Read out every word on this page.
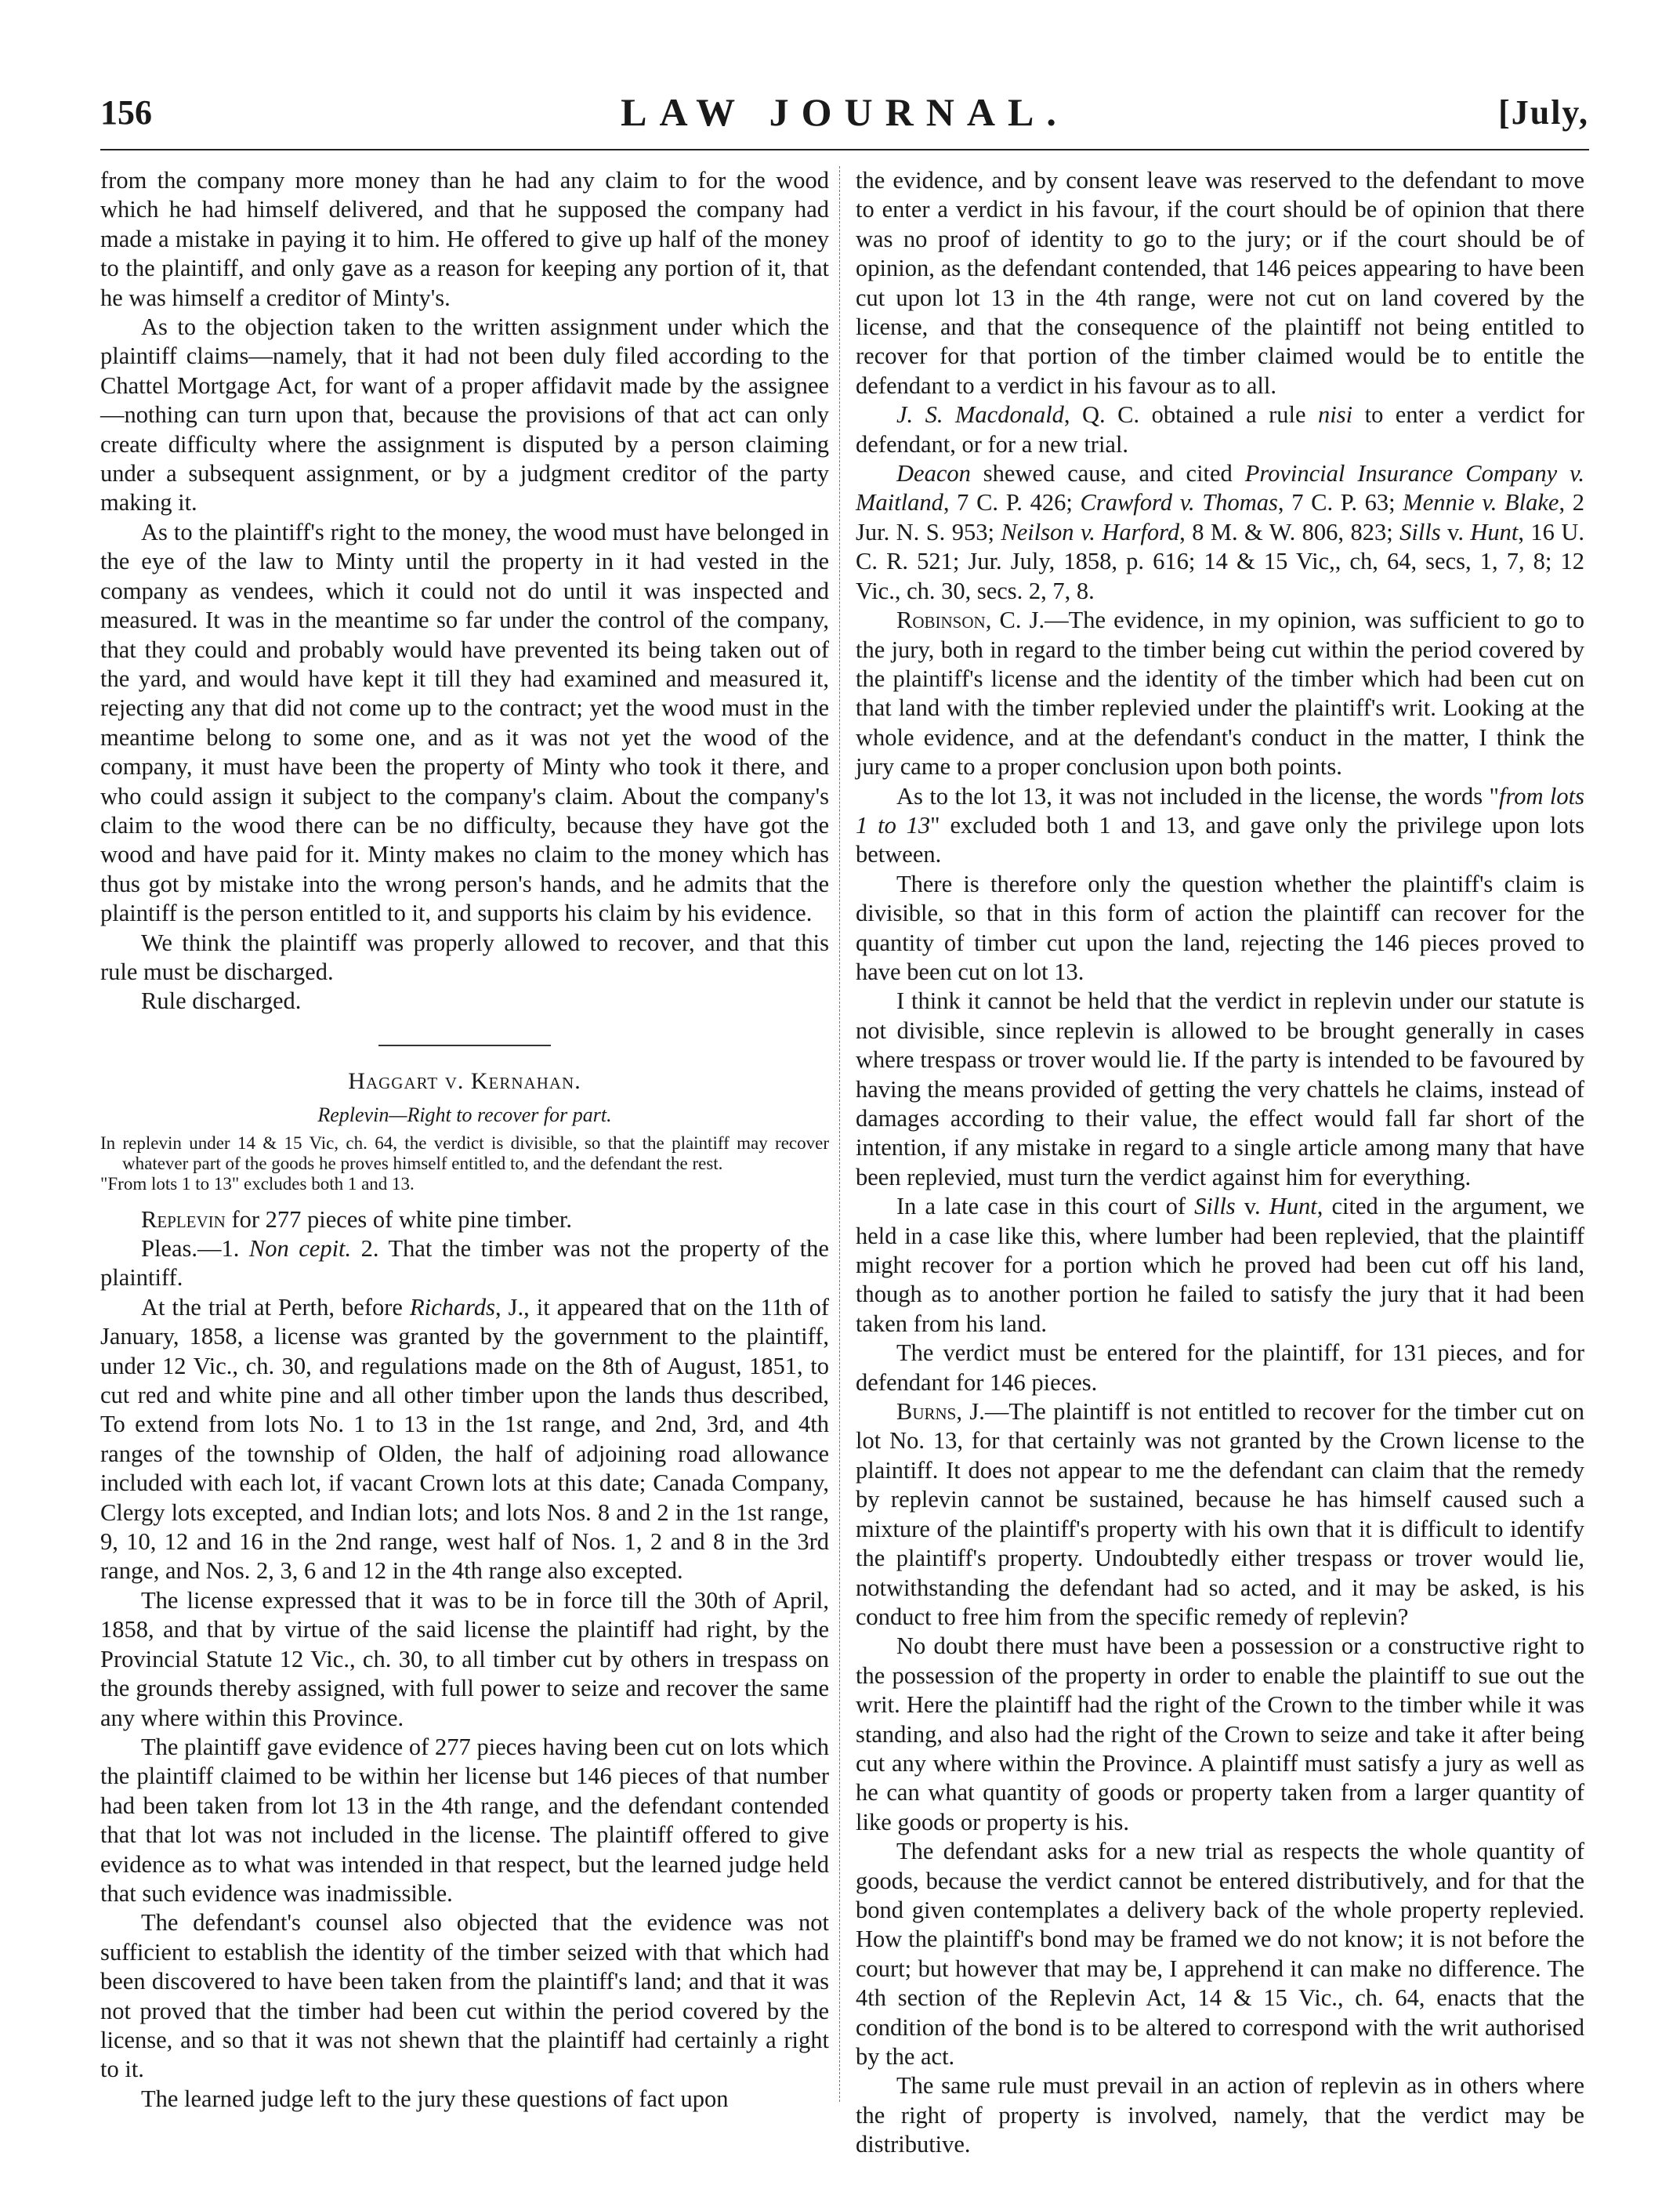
156	LAW JOURNAL.	[July,

from the company more money than he had any claim to for the wood which he had himself delivered, and that he supposed the company had made a mistake in paying it to him. He offered to give up half of the money to the plaintiff, and only gave as a reason for keeping any portion of it, that he was himself a creditor of Minty's.

As to the objection taken to the written assignment under which the plaintiff claims—namely, that it had not been duly filed according to the Chattel Mortgage Act, for want of a proper affidavit made by the assignee—nothing can turn upon that, because the provisions of that act can only create difficulty where the assignment is disputed by a person claiming under a subsequent assignment, or by a judgment creditor of the party making it.

As to the plaintiff's right to the money, the wood must have belonged in the eye of the law to Minty until the property in it had vested in the company as vendees, which it could not do until it was inspected and measured. It was in the meantime so far under the control of the company, that they could and probably would have prevented its being taken out of the yard, and would have kept it till they had examined and measured it, rejecting any that did not come up to the contract; yet the wood must in the meantime belong to some one, and as it was not yet the wood of the company, it must have been the property of Minty who took it there, and who could assign it subject to the company's claim. About the company's claim to the wood there can be no difficulty, because they have got the wood and have paid for it. Minty makes no claim to the money which has thus got by mistake into the wrong person's hands, and he admits that the plaintiff is the person entitled to it, and supports his claim by his evidence.

We think the plaintiff was properly allowed to recover, and that this rule must be discharged.

Rule discharged.

Haggart v. Kernahan.
Replevin—Right to recover for part.

In replevin under 14 & 15 Vic, ch. 64, the verdict is divisible, so that the plaintiff may recover whatever part of the goods he proves himself entitled to, and the defendant the rest.

"From lots 1 to 13" excludes both 1 and 13.

Replevin for 277 pieces of white pine timber.

Pleas.—1. Non cepit. 2. That the timber was not the property of the plaintiff.

At the trial at Perth, before Richards, J., it appeared that on the 11th of January, 1858, a license was granted by the government to the plaintiff, under 12 Vic., ch. 30, and regulations made on the 8th of August, 1851, to cut red and white pine and all other timber upon the lands thus described, To extend from lots No. 1 to 13 in the 1st range, and 2nd, 3rd, and 4th ranges of the township of Olden, the half of adjoining road allowance included with each lot, if vacant Crown lots at this date; Canada Company, Clergy lots excepted, and Indian lots; and lots Nos. 8 and 2 in the 1st range, 9, 10, 12 and 16 in the 2nd range, west half of Nos. 1, 2 and 8 in the 3rd range, and Nos. 2, 3, 6 and 12 in the 4th range also excepted.

The license expressed that it was to be in force till the 30th of April, 1858, and that by virtue of the said license the plaintiff had right, by the Provincial Statute 12 Vic., ch. 30, to all timber cut by others in trespass on the grounds thereby assigned, with full power to seize and recover the same any where within this Province.

The plaintiff gave evidence of 277 pieces having been cut on lots which the plaintiff claimed to be within her license but 146 pieces of that number had been taken from lot 13 in the 4th range, and the defendant contended that that lot was not included in the license. The plaintiff offered to give evidence as to what was intended in that respect, but the learned judge held that such evidence was inadmissible.

The defendant's counsel also objected that the evidence was not sufficient to establish the identity of the timber seized with that which had been discovered to have been taken from the plaintiff's land; and that it was not proved that the timber had been cut within the period covered by the license, and so that it was not shewn that the plaintiff had certainly a right to it.

The learned judge left to the jury these questions of fact upon

the evidence, and by consent leave was reserved to the defendant to move to enter a verdict in his favour, if the court should be of opinion that there was no proof of identity to go to the jury; or if the court should be of opinion, as the defendant contended, that 146 peices appearing to have been cut upon lot 13 in the 4th range, were not cut on land covered by the license, and that the consequence of the plaintiff not being entitled to recover for that portion of the timber claimed would be to entitle the defendant to a verdict in his favour as to all.

J. S. Macdonald, Q. C. obtained a rule nisi to enter a verdict for defendant, or for a new trial.

Deacon shewed cause, and cited Provincial Insurance Company v. Maitland, 7 C. P. 426; Crawford v. Thomas, 7 C. P. 63; Mennie v. Blake, 2 Jur. N. S. 953; Neilson v. Harford, 8 M. & W. 806, 823; Sills v. Hunt, 16 U. C. R. 521; Jur. July, 1858, p. 616; 14 & 15 Vic,, ch, 64, secs, 1, 7, 8; 12 Vic., ch. 30, secs. 2, 7, 8.

Robinson, C. J.—The evidence, in my opinion, was sufficient to go to the jury, both in regard to the timber being cut within the period covered by the plaintiff's license and the identity of the timber which had been cut on that land with the timber replevied under the plaintiff's writ. Looking at the whole evidence, and at the defendant's conduct in the matter, I think the jury came to a proper conclusion upon both points.

As to the lot 13, it was not included in the license, the words "from lots 1 to 13" excluded both 1 and 13, and gave only the privilege upon lots between.

There is therefore only the question whether the plaintiff's claim is divisible, so that in this form of action the plaintiff can recover for the quantity of timber cut upon the land, rejecting the 146 pieces proved to have been cut on lot 13.

I think it cannot be held that the verdict in replevin under our statute is not divisible, since replevin is allowed to be brought generally in cases where trespass or trover would lie. If the party is intended to be favoured by having the means provided of getting the very chattels he claims, instead of damages according to their value, the effect would fall far short of the intention, if any mistake in regard to a single article among many that have been replevied, must turn the verdict against him for everything.

In a late case in this court of Sills v. Hunt, cited in the argument, we held in a case like this, where lumber had been replevied, that the plaintiff might recover for a portion which he proved had been cut off his land, though as to another portion he failed to satisfy the jury that it had been taken from his land.

The verdict must be entered for the plaintiff, for 131 pieces, and for defendant for 146 pieces.

Burns, J.—The plaintiff is not entitled to recover for the timber cut on lot No. 13, for that certainly was not granted by the Crown license to the plaintiff. It does not appear to me the defendant can claim that the remedy by replevin cannot be sustained, because he has himself caused such a mixture of the plaintiff's property with his own that it is difficult to identify the plaintiff's property. Undoubtedly either trespass or trover would lie, notwithstanding the defendant had so acted, and it may be asked, is his conduct to free him from the specific remedy of replevin?

No doubt there must have been a possession or a constructive right to the possession of the property in order to enable the plaintiff to sue out the writ. Here the plaintiff had the right of the Crown to the timber while it was standing, and also had the right of the Crown to seize and take it after being cut any where within the Province. A plaintiff must satisfy a jury as well as he can what quantity of goods or property taken from a larger quantity of like goods or property is his.

The defendant asks for a new trial as respects the whole quantity of goods, because the verdict cannot be entered distributively, and for that the bond given contemplates a delivery back of the whole property replevied. How the plaintiff's bond may be framed we do not know; it is not before the court; but however that may be, I apprehend it can make no difference. The 4th section of the Replevin Act, 14 & 15 Vic., ch. 64, enacts that the condition of the bond is to be altered to correspond with the writ authorised by the act.

The same rule must prevail in an action of replevin as in others where the right of property is involved, namely, that the verdict may be distributive.
